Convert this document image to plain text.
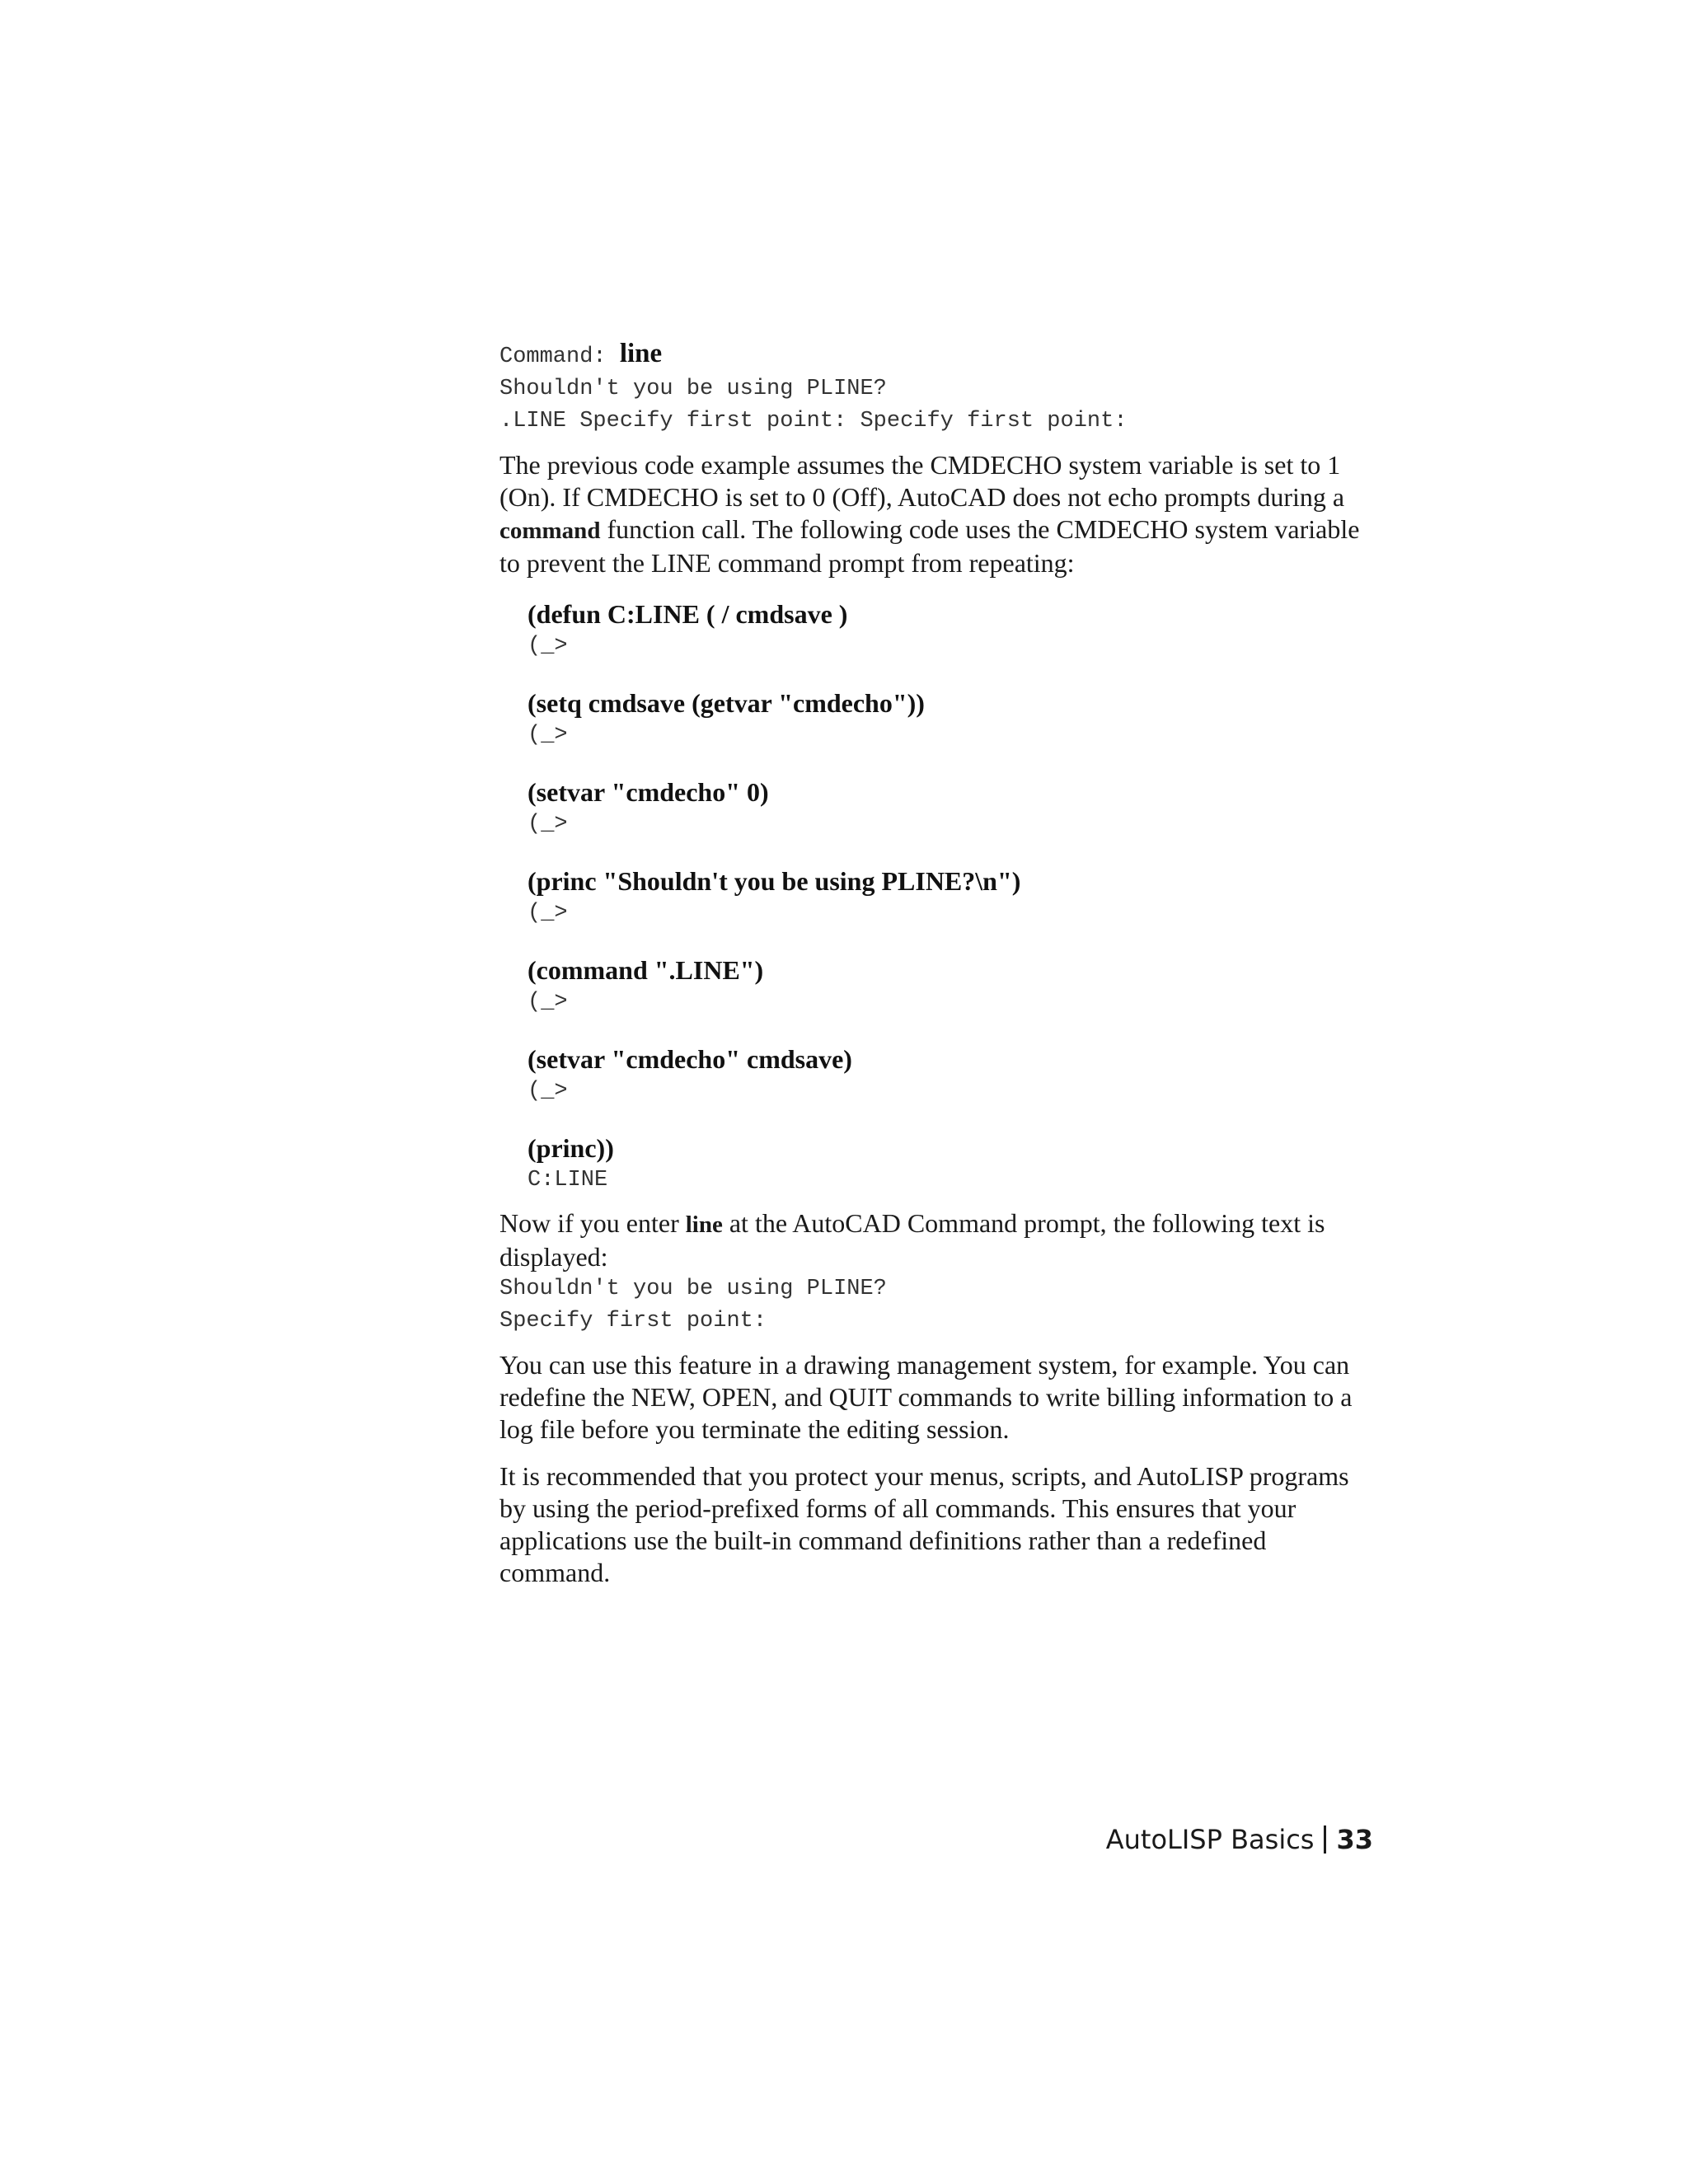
Command: line
Shouldn't you be using PLINE?
.LINE Specify first point: Specify first point:

The previous code example assumes the CMDECHO system variable is set to 1 (On). If CMDECHO is set to 0 (Off), AutoCAD does not echo prompts during a command function call. The following code uses the CMDECHO system variable to prevent the LINE command prompt from repeating:

(defun C:LINE ( / cmdsave )
(_>
(setq cmdsave (getvar "cmdecho"))
(_>
(setvar "cmdecho" 0)
(_>
(princ "Shouldn't you be using PLINE?\n")
(_>
(command ".LINE")
(_>
(setvar "cmdecho" cmdsave)
(_>
(princ))
C:LINE

Now if you enter line at the AutoCAD Command prompt, the following text is displayed:

Shouldn't you be using PLINE?
Specify first point:

You can use this feature in a drawing management system, for example. You can redefine the NEW, OPEN, and QUIT commands to write billing information to a log file before you terminate the editing session.

It is recommended that you protect your menus, scripts, and AutoLISP programs by using the period-prefixed forms of all commands. This ensures that your applications use the built-in command definitions rather than a redefined command.

AutoLISP Basics 33
